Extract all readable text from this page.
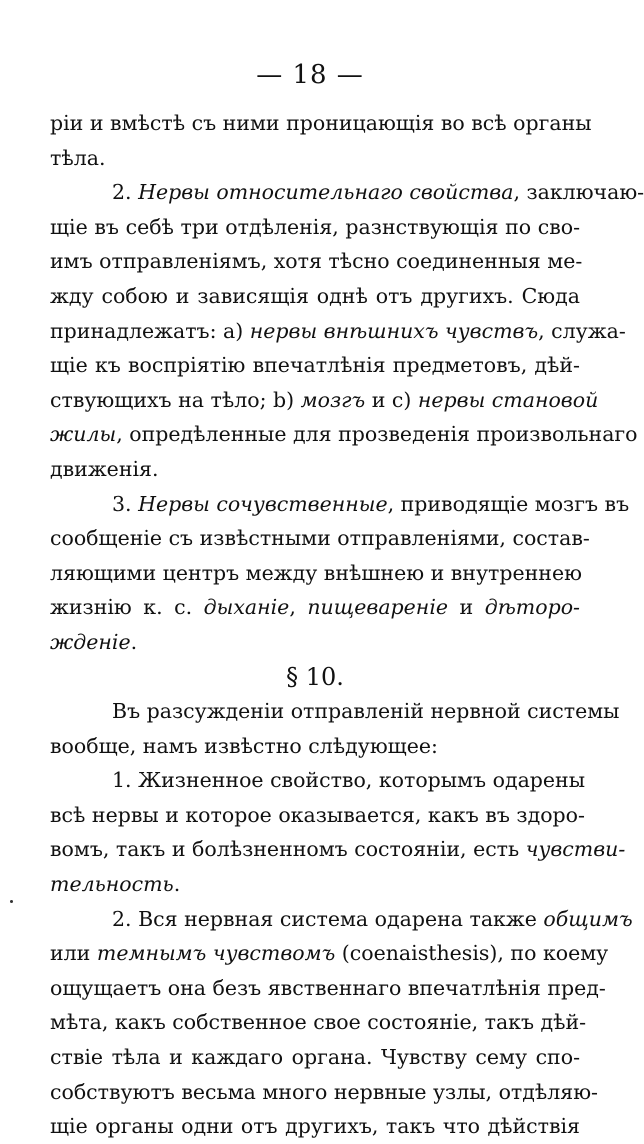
— 18 —
ріи и вмѣстѣ съ ними проницающія во всѣ органы
тѣла.
2. Нервы относительнаго свойства, заключаю-
щіе въ себѣ три отдѣленія, разнствующія по сво-
имъ отправленіямъ, хотя тѣсно соединенныя ме-
жду собою и зависящія однѣ отъ другихъ. Сюда
принадлежатъ: а) нервы внѣшнихъ чувствъ, служа-
щіе къ воспріятію впечатлѣнія предметовъ, дѣй-
ствующихъ на тѣло; b) мозгъ и с) нервы становой
жилы, опредѣленные для прозведенія произвольнаго
движенія.
3. Нервы сочувственные, приводящіе мозгъ въ
сообщеніе съ извѣстными отправленіями, состав-
ляющими центръ между внѣшнею и внутреннею
жизнію к. с. дыханіе, пищевареніе и дѣторо-
жденіе.
§ 10.
Въ разсужденіи отправленій нервной системы
вообще, намъ извѣстно слѣдующее:
1. Жизненное свойство, которымъ одарены
всѣ нервы и которое оказывается, какъ въ здоро-
вомъ, такъ и болѣзненномъ состояніи, есть чувстви-
тельность.
2. Вся нервная система одарена также общимъ
или темнымъ чувствомъ (coenaisthesis), по коему
ощущаетъ она безъ явственнаго впечатлѣнія пред-
мѣта, какъ собственное свое состояніе, такъ дѣй-
ствіе тѣла и каждаго органа. Чувству сему спо-
собствуютъ весьма много нервные узлы, отдѣляю-
щіе органы одни отъ другихъ, такъ что дѣйствія
